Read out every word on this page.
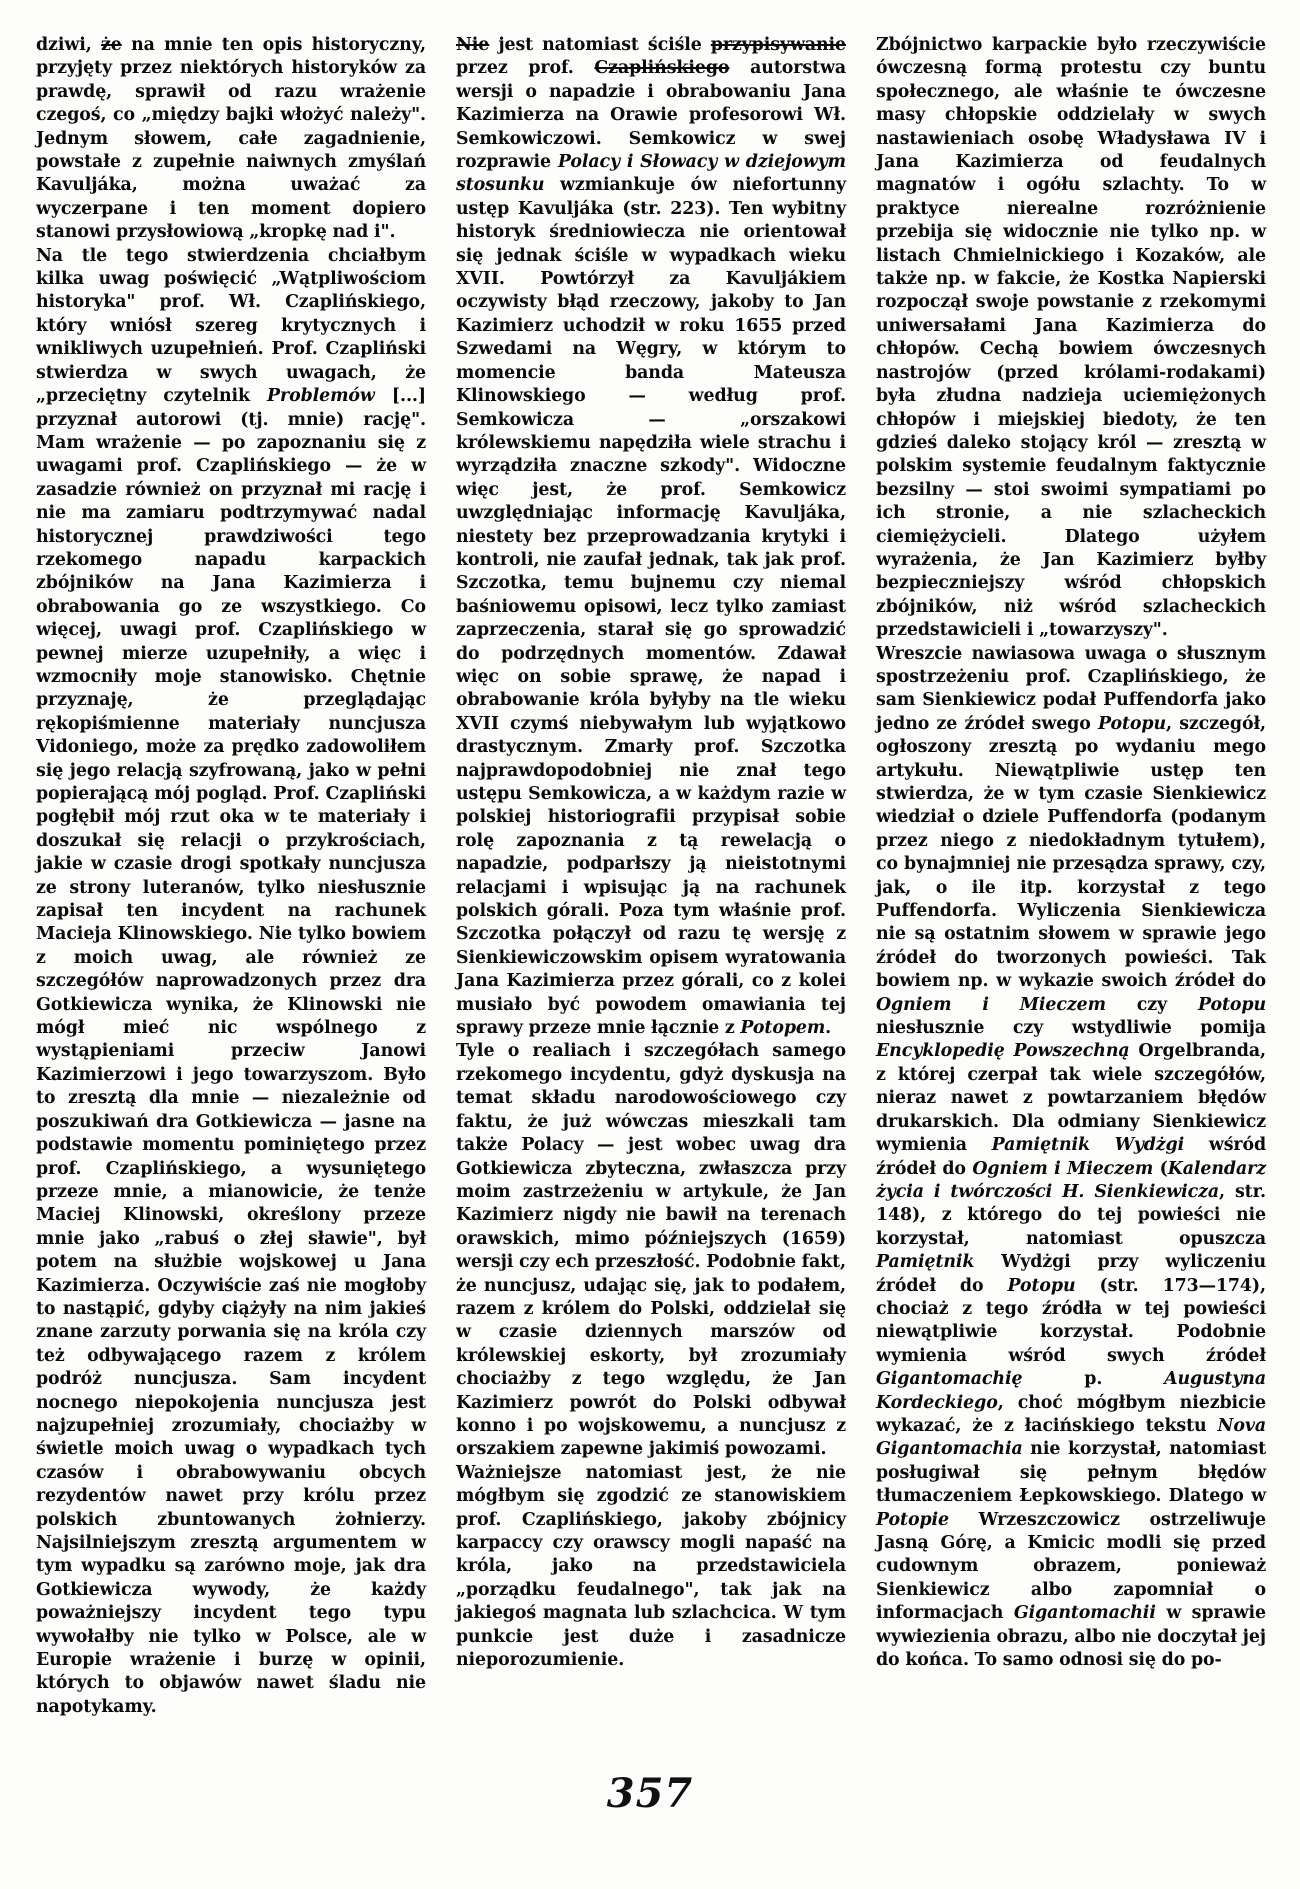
dziwi, że na mnie ten opis historyczny, przyjęty przez niektórych historyków za prawdę, sprawił od razu wrażenie czegoś, co „między bajki włożyć należy". Jednym słowem, całe zagadnienie, powstałe z zupełnie naiwnych zmyślań Kavuljáka, można uważać za wyczerpane i ten moment dopiero stanowi przysłowiową „kropkę nad i".

Na tle tego stwierdzenia chciałbym kilka uwag poświęcić „Wątpliwościom historyka" prof. Wł. Czaplińskiego, który wniósł szereg krytycznych i wnikliwych uzupełnień. Prof. Czapliński stwierdza w swych uwagach, że „przeciętny czytelnik Problemów [...] przyznał autorowi (tj. mnie) rację". Mam wrażenie — po zapoznaniu się z uwagami prof. Czaplińskiego — że w zasadzie również on przyznał mi rację i nie ma zamiaru podtrzymywać nadal historycznej prawdziwości tego rzekomego napadu karpackich zbójników na Jana Kazimierza i obrabowania go ze wszystkiego. Co więcej, uwagi prof. Czaplińskiego w pewnej mierze uzupełniły, a więc i wzmocniły moje stanowisko. Chętnie przyznaję, że przeglądając rękopiśmienne materiały nuncjusza Vidoniego, może za prędko zadowoliłem się jego relacją szyfrowaną, jako w pełni popierającą mój pogląd. Prof. Czapliński pogłębił mój rzut oka w te materiały i doszukał się relacji o przykrościach, jakie w czasie drogi spotkały nuncjusza ze strony luteranów, tylko niesłusznie zapisał ten incydent na rachunek Macieja Klinowskiego. Nie tylko bowiem z moich uwag, ale również ze szczegółów naprowadzonych przez dra Gotkiewicza wynika, że Klinowski nie mógł mieć nic wspólnego z wystąpieniami przeciw Janowi Kazimierzowi i jego towarzyszom. Było to zresztą dla mnie — niezależnie od poszukiwań dra Gotkiewicza — jasne na podstawie momentu pominiętego przez prof. Czaplińskiego, a wysuniętego przeze mnie, a mianowicie, że tenże Maciej Klinowski, określony przeze mnie jako „rabuś o złej sławie", był potem na służbie wojskowej u Jana Kazimierza. Oczywiście zaś nie mogłoby to nastąpić, gdyby ciążyły na nim jakieś znane zarzuty porwania się na króla czy też odbywającego razem z królem podróż nuncjusza. Sam incydent nocnego niepokojenia nuncjusza jest najzupełniej zrozumiały, chociażby w świetle moich uwag o wypadkach tych czasów i obrabowywaniu obcych rezydentów nawet przy królu przez polskich zbuntowanych żołnierzy. Najsilniejszym zresztą argumentem w tym wypadku są zarówno moje, jak dra Gotkiewicza wywody, że każdy poważniejszy incydent tego typu wywołałby nie tylko w Polsce, ale w Europie wrażenie i burzę w opinii, których to objawów nawet śladu nie napotykamy.

Nie jest natomiast ściśle przypisywanie przez prof. Czaplińskiego autorstwa wersji o napadzie i obrabowaniu Jana Kazimierza na Orawie profesorowi Wł. Semkowiczowi. Semkowicz w swej rozprawie Polacy i Słowacy w dziejowym stosunku wzmiankuje ów niefortunny ustęp Kavuljáka (str. 223). Ten wybitny historyk średniowiecza nie orientował się jednak ściśle w wypadkach wieku XVII. Powtórzył za Kavuljákiem oczywisty błąd rzeczowy, jakoby to Jan Kazimierz uchodził w roku 1655 przed Szwedami na Węgry, w którym to momencie banda Mateusza Klinowskiego — według prof. Semkowicza — „orszakowi królewskiemu napędziła wiele strachu i wyrządziła znaczne szkody". Widoczne więc jest, że prof. Semkowicz uwzględniając informację Kavuljáka, niestety bez przeprowadzania krytyki i kontroli, nie zaufał jednak, tak jak prof. Szczotka, temu bujnemu czy niemal baśniowemu opisowi, lecz tylko zamiast zaprzeczenia, starał się go sprowadzić do podrzędnych momentów. Zdawał więc on sobie sprawę, że napad i obrabowanie króla byłyby na tle wieku XVII czymś niebywałym lub wyjątkowo drastycznym. Zmarły prof. Szczotka najprawdopodobniej nie znał tego ustępu Semkowicza, a w każdym razie w polskiej historiografii przypisał sobie rolę zapoznania z tą rewelacją o napadzie, podparłszy ją nieistotnymi relacjami i wpisując ją na rachunek polskich górali. Poza tym właśnie prof. Szczotka połączył od razu tę wersję z Sienkiewiczowskim opisem wyratowania Jana Kazimierza przez górali, co z kolei musiało być powodem omawiania tej sprawy przeze mnie łącznie z Potopem.

Tyle o realiach i szczegółach samego rzekomego incydentu, gdyż dyskusja na temat składu narodowościowego czy faktu, że już wówczas mieszkali tam także Polacy — jest wobec uwag dra Gotkiewicza zbyteczna, zwłaszcza przy moim zastrzeżeniu w artykule, że Jan Kazimierz nigdy nie bawił na terenach orawskich, mimo późniejszych (1659) wersji czy ech przeszłość. Podobnie fakt, że nuncjusz, udając się, jak to podałem, razem z królem do Polski, oddzielał się w czasie dziennych marszów od królewskiej eskorty, był zrozumiały chociażby z tego względu, że Jan Kazimierz powrót do Polski odbywał konno i po wojskowemu, a nuncjusz z orszakiem zapewne jakimiś powozami.

Ważniejsze natomiast jest, że nie mógłbym się zgodzić ze stanowiskiem prof. Czaplińskiego, jakoby zbójnicy karpaccy czy orawscy mogli napaść na króla, jako na przedstawiciela „porządku feudalnego", tak jak na jakiegoś magnata lub szlachcica. W tym punkcie jest duże i zasadnicze nieporozumienie.

Zbójnictwo karpackie było rzeczywiście ówczesną formą protestu czy buntu społecznego, ale właśnie te ówczesne masy chłopskie oddzielały w swych nastawieniach osobę Władysława IV i Jana Kazimierza od feudalnych magnatów i ogółu szlachty. To w praktyce nierealne rozróżnienie przebija się widocznie nie tylko np. w listach Chmielnickiego i Kozaków, ale także np. w fakcie, że Kostka Napierski rozpoczął swoje powstanie z rzekomymi uniwersałami Jana Kazimierza do chłopów. Cechą bowiem ówczesnych nastrojów (przed królami-rodakami) była złudna nadzieja uciemiężonych chłopów i miejskiej biedoty, że ten gdzieś daleko stojący król — zresztą w polskim systemie feudalnym faktycznie bezsilny — stoi swoimi sympatiami po ich stronie, a nie szlacheckich ciemiężycieli. Dlatego użyłem wyrażenia, że Jan Kazimierz byłby bezpieczniejszy wśród chłopskich zbójników, niż wśród szlacheckich przedstawicieli i „towarzyszy".

Wreszcie nawiasowa uwaga o słusznym spostrzeżeniu prof. Czaplińskiego, że sam Sienkiewicz podał Puffendorfa jako jedno ze źródeł swego Potopu, szczegół, ogłoszony zresztą po wydaniu mego artykułu. Niewątpliwie ustęp ten stwierdza, że w tym czasie Sienkiewicz wiedział o dziele Puffendorfa (podanym przez niego z niedokładnym tytułem), co bynajmniej nie przesądza sprawy, czy, jak, o ile itp. korzystał z tego Puffendorfa. Wyliczenia Sienkiewicza nie są ostatnim słowem w sprawie jego źródeł do tworzonych powieści. Tak bowiem np. w wykazie swoich źródeł do Ogniem i Mieczem czy Potopu niesłusznie czy wstydliwie pomija Encyklopedię Powszechną Orgelbranda, z której czerpał tak wiele szczegółów, nieraz nawet z powtarzaniem błędów drukarskich. Dla odmiany Sienkiewicz wymienia Pamiętnik Wydżgi wśród źródeł do Ogniem i Mieczem (Kalendarz życia i twórczości H. Sienkiewicza, str. 148), z którego do tej powieści nie korzystał, natomiast opuszcza Pamiętnik Wydżgi przy wyliczeniu źródeł do Potopu (str. 173—174), chociaż z tego źródła w tej powieści niewątpliwie korzystał. Podobnie wymienia wśród swych źródeł Gigantomachię p. Augustyna Kordeckiego, choć mógłbym niezbicie wykazać, że z łacińskiego tekstu Nova Gigantomachia nie korzystał, natomiast posługiwał się pełnym błędów tłumaczeniem Łepkowskiego. Dlatego w Potopie Wrzeszczowicz ostrzeliwuje Jasną Górę, a Kmicic modli się przed cudownym obrazem, ponieważ Sienkiewicz albo zapomniał o informacjach Gigantomachii w sprawie wywiezienia obrazu, albo nie doczytał jej do końca. To samo odnosi się do po-

357
